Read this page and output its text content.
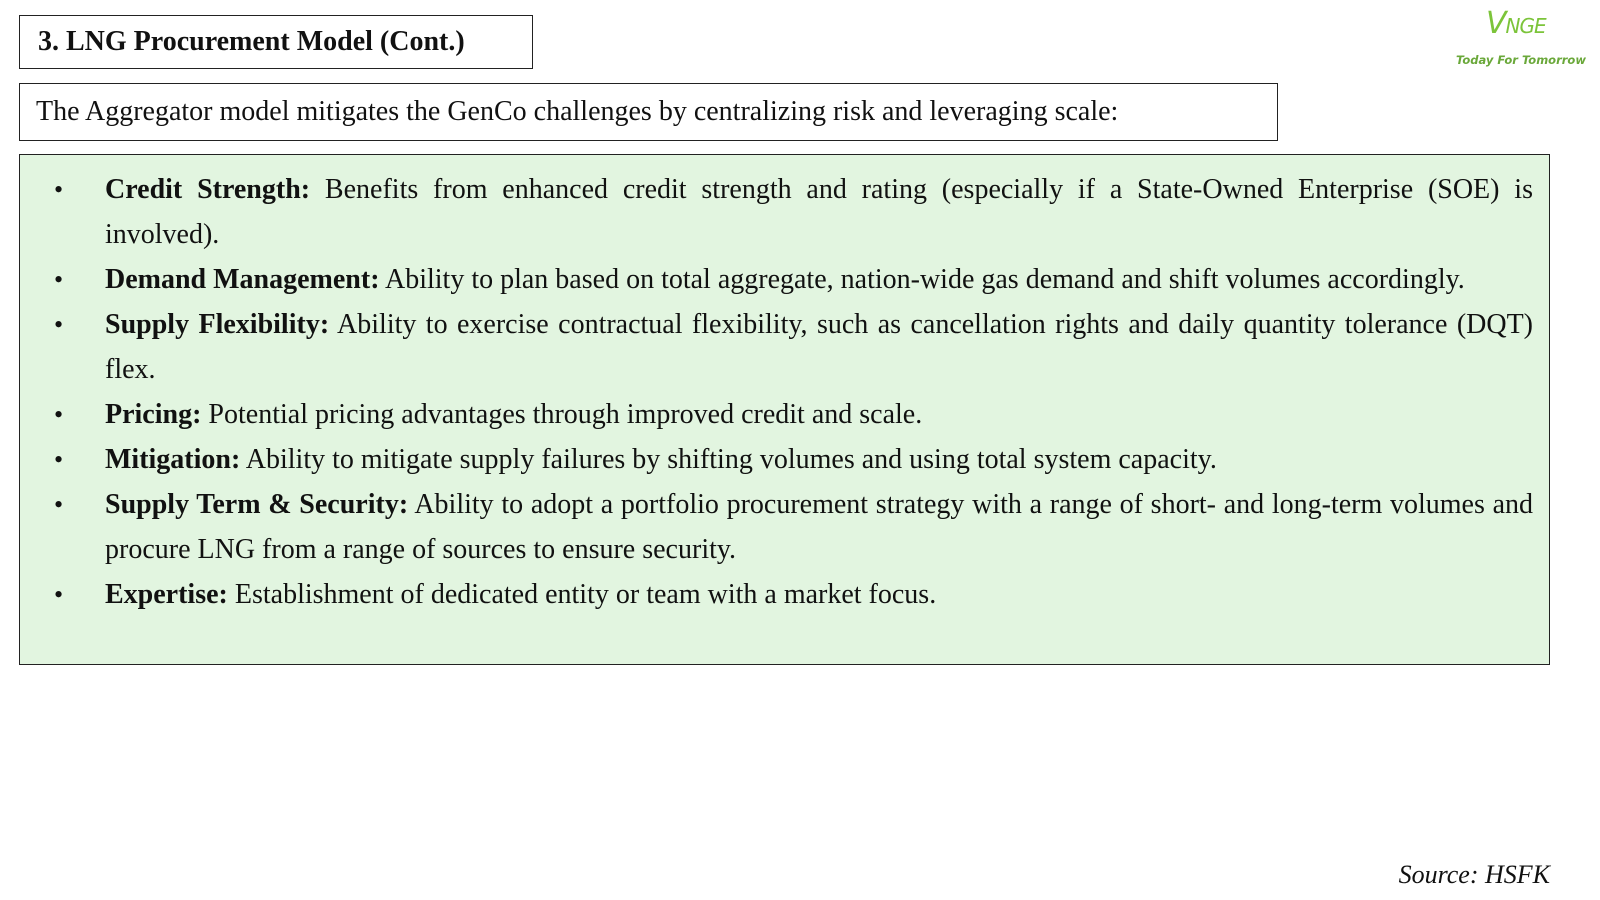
3. LNG Procurement Model (Cont.)
VNGE
Today For Tomorrow
The Aggregator model mitigates the GenCo challenges by centralizing risk and leveraging scale:
• Credit Strength: Benefits from enhanced credit strength and rating (especially if a State-Owned Enterprise (SOE) is involved).
• Demand Management: Ability to plan based on total aggregate, nation-wide gas demand and shift volumes accordingly.
• Supply Flexibility: Ability to exercise contractual flexibility, such as cancellation rights and daily quantity tolerance (DQT) flex.
• Pricing: Potential pricing advantages through improved credit and scale.
• Mitigation: Ability to mitigate supply failures by shifting volumes and using total system capacity.
• Supply Term & Security: Ability to adopt a portfolio procurement strategy with a range of short- and long-term volumes and procure LNG from a range of sources to ensure security.
• Expertise: Establishment of dedicated entity or team with a market focus.
Source: HSFK
